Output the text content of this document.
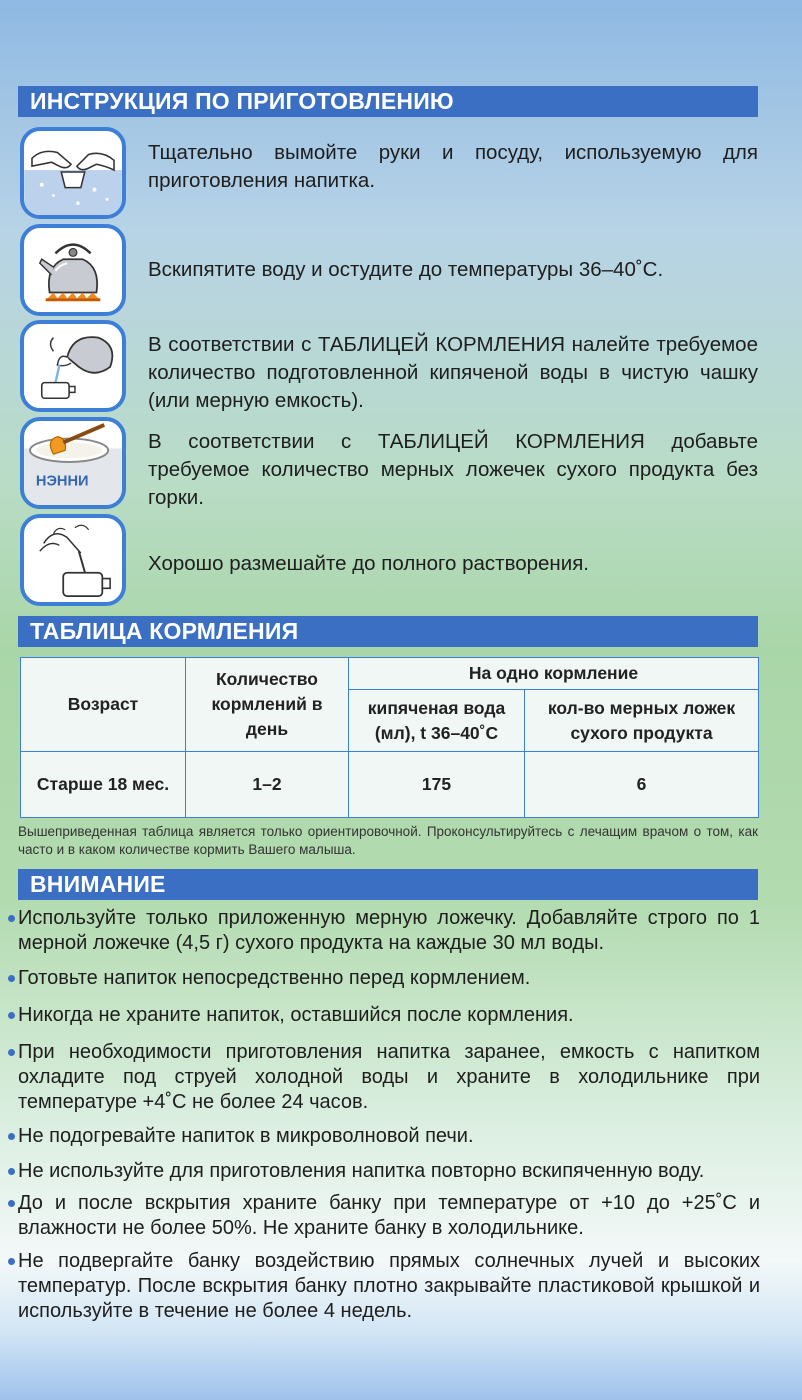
ИНСТРУКЦИЯ ПО ПРИГОТОВЛЕНИЮ
Тщательно вымойте руки и посуду, используемую для приготовления напитка.
Вскипятите воду и остудите до температуры 36–40˚С.
В соответствии с ТАБЛИЦЕЙ КОРМЛЕНИЯ налейте требуемое количество подготовленной кипяченой воды в чистую чашку (или мерную емкость).
НЭННИ
В соответствии с ТАБЛИЦЕЙ КОРМЛЕНИЯ добавьте требуемое количество мерных ложечек сухого продукта без горки.
Хорошо размешайте до полного растворения.
ТАБЛИЦА КОРМЛЕНИЯ
Возраст	Количество кормлений в день	На одно кормление	
		кипяченая вода (мл), t 36–40˚С	кол-во мерных ложек сухого продукта
Старше 18 мес.	1–2	175	6
Вышеприведенная таблица является только ориентировочной. Проконсультируйтесь с лечащим врачом о том, как часто и в каком количестве кормить Вашего малыша.
ВНИМАНИЕ
Используйте только приложенную мерную ложечку. Добавляйте строго по 1 мерной ложечке (4,5 г) сухого продукта на каждые 30 мл воды.
Готовьте напиток непосредственно перед кормлением.
Никогда не храните напиток, оставшийся после кормления.
При необходимости приготовления напитка заранее, емкость с напитком охладите под струей холодной воды и храните в холодильнике при температуре +4˚С не более 24 часов.
Не подогревайте напиток в микроволновой печи.
Не используйте для приготовления напитка повторно вскипяченную воду.
До и после вскрытия храните банку при температуре от +10 до +25˚С и влажности не более 50%. Не храните банку в холодильнике.
Не подвергайте банку воздействию прямых солнечных лучей и высоких температур. После вскрытия банку плотно закрывайте пластиковой крышкой и используйте в течение не более 4 недель.
